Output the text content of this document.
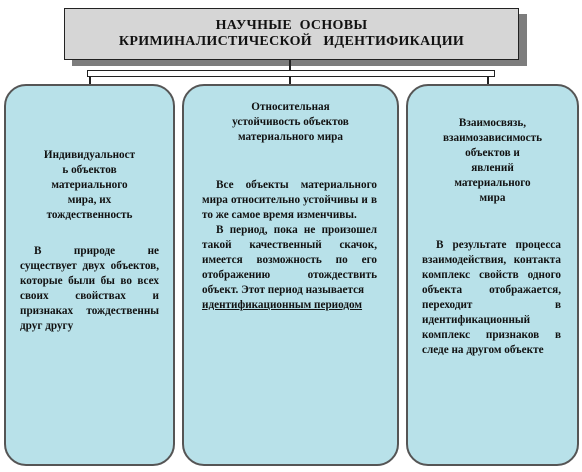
НАУЧНЫЕ  ОСНОВЫ
КРИМИНАЛИСТИЧЕСКОЙ   ИДЕНТИФИКАЦИИ
Индивидуальност
ь объектов
материального
мира, их
тождественность

В природе не существует двух объектов, которые были бы во всех своих свойствах и признаках тождественны друг другу

Относительная
устойчивость объектов
материального мира

Все объекты материального мира относительно устойчивы и в то же самое время изменчивы.

В период, пока не произошел такой качественный скачок, имеется возможность по его отображению отождествить объект. Этот период называется

идентификационным периодом
Взаимосвязь,
взаимозависимость
объектов и
явлений
материального
мира

В результате процесса взаимодействия, контакта комплекс свойств одного объекта отображается, переходит в идентификационный комплекс признаков в следе на другом объекте
